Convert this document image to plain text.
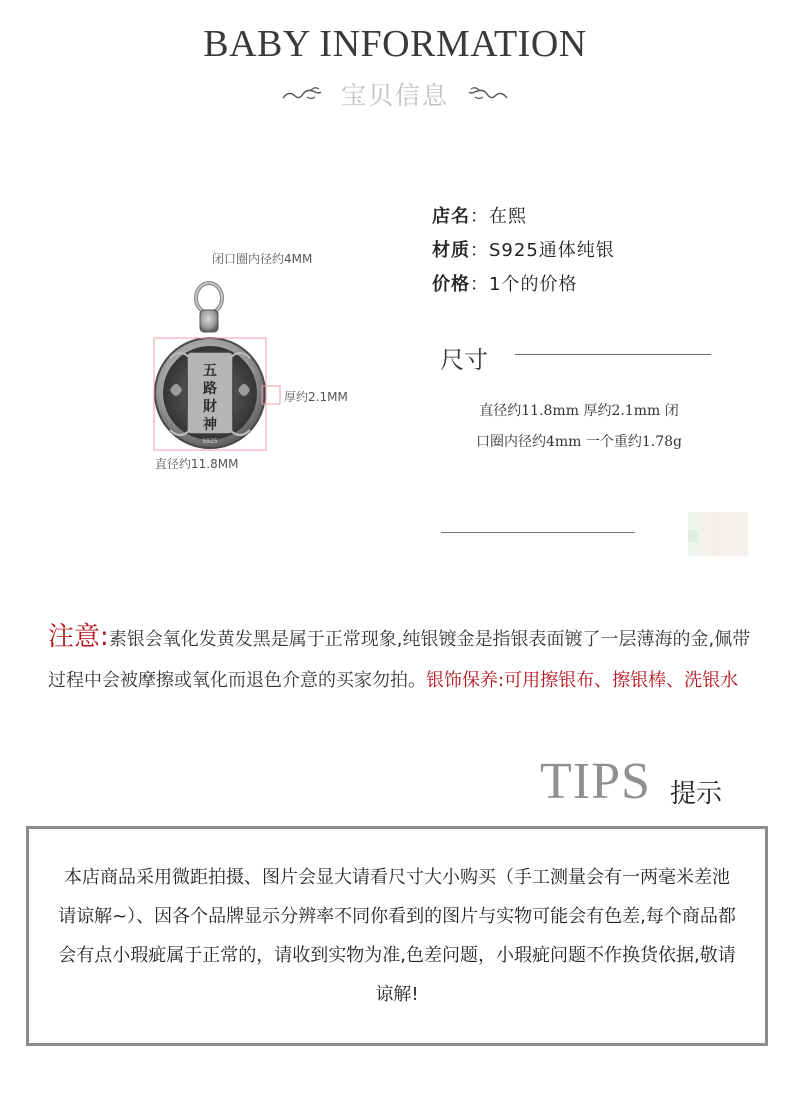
BABY INFORMATION
宝贝信息
五
路
財
神
S925
闭口圈内径约4MM
厚约2.1MM
直径约11.8MM
店名：在熙
材质：S925通体纯银
价格：1个的价格
尺寸
直径约11.8mm 厚约2.1mm 闭
口圈内径约4mm 一个重约1.78g
注意:素银会氧化发黄发黑是属于正常现象,纯银镀金是指银表面镀了一层薄海的金,佩带过程中会被摩擦或氧化而退色介意的买家勿拍。银饰保养:可用擦银布、擦银棒、洗银水
TIPS 提示
本店商品采用微距拍摄、图片会显大请看尺寸大小购买（手工测量会有一两毫米差池请谅解~）、因各个品牌显示分辨率不同你看到的图片与实物可能会有色差,每个商品都会有点小瑕疵属于正常的，请收到实物为准,色差问题，小瑕疵问题不作换货依据,敬请谅解!
